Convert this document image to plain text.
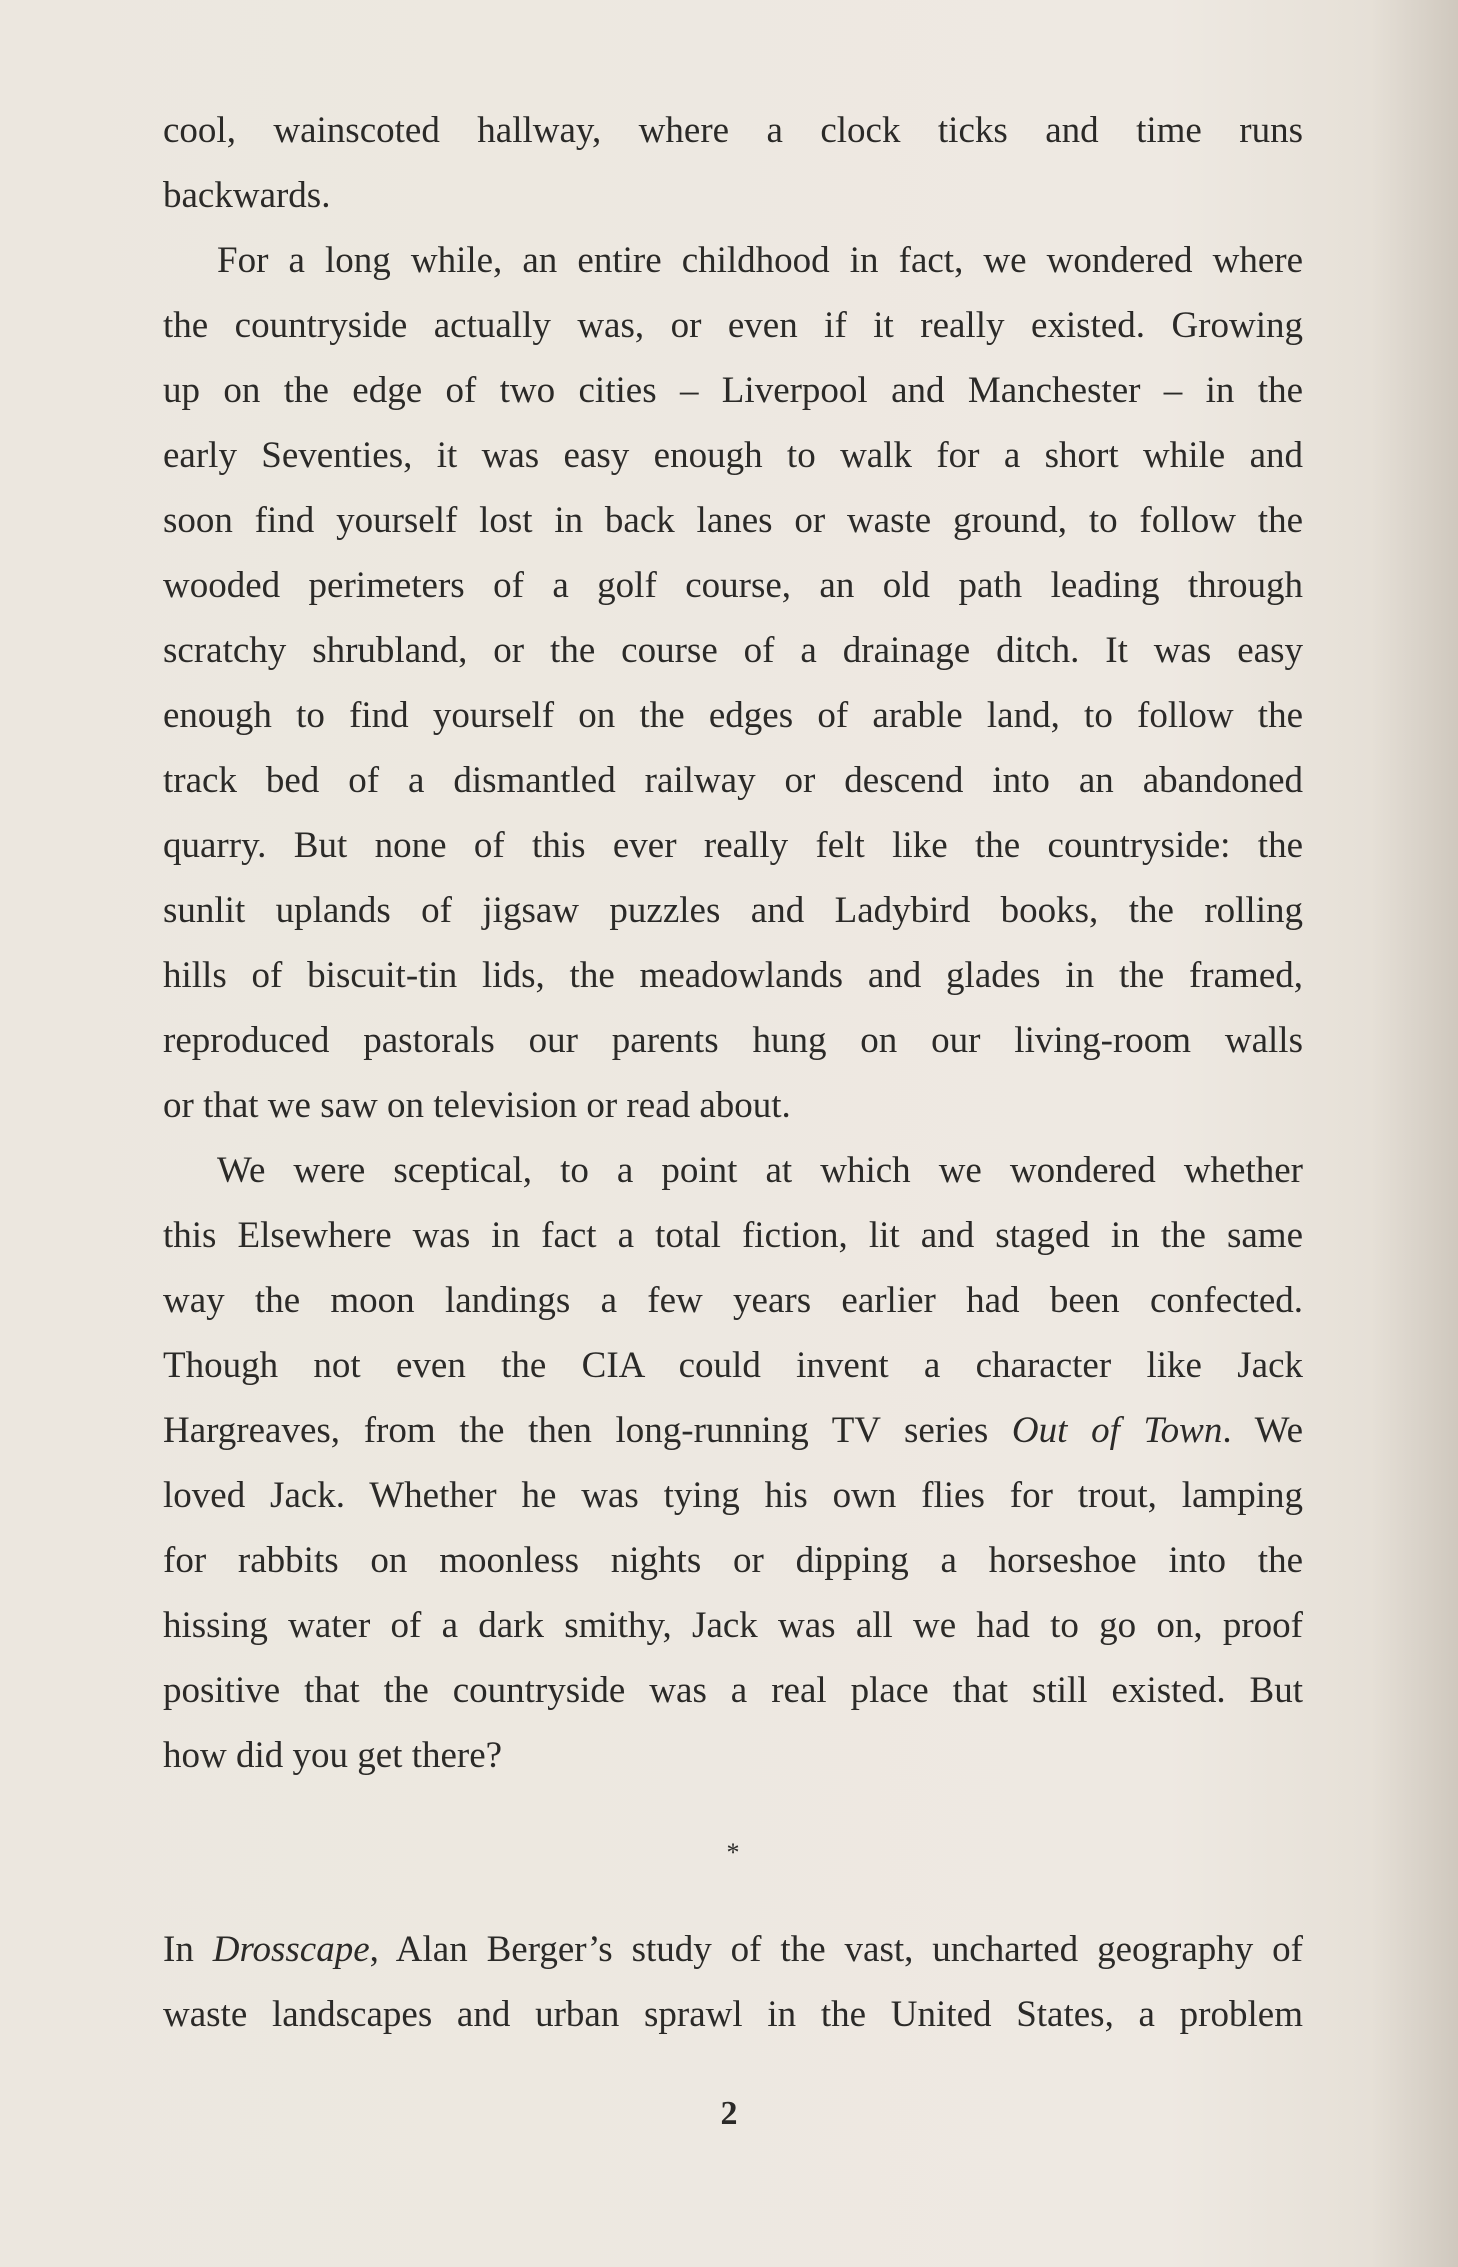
cool, wainscoted hallway, where a clock ticks and time runs
backwards.
For a long while, an entire childhood in fact, we wondered where
the countryside actually was, or even if it really existed. Growing
up on the edge of two cities – Liverpool and Manchester – in the
early Seventies, it was easy enough to walk for a short while and
soon find yourself lost in back lanes or waste ground, to follow the
wooded perimeters of a golf course, an old path leading through
scratchy shrubland, or the course of a drainage ditch. It was easy
enough to find yourself on the edges of arable land, to follow the
track bed of a dismantled railway or descend into an abandoned
quarry. But none of this ever really felt like the countryside: the
sunlit uplands of jigsaw puzzles and Ladybird books, the rolling
hills of biscuit-tin lids, the meadowlands and glades in the framed,
reproduced pastorals our parents hung on our living-room walls
or that we saw on television or read about.
We were sceptical, to a point at which we wondered whether
this Elsewhere was in fact a total fiction, lit and staged in the same
way the moon landings a few years earlier had been confected.
Though not even the CIA could invent a character like Jack
Hargreaves, from the then long-running TV series Out of Town. We
loved Jack. Whether he was tying his own flies for trout, lamping
for rabbits on moonless nights or dipping a horseshoe into the
hissing water of a dark smithy, Jack was all we had to go on, proof
positive that the countryside was a real place that still existed. But
how did you get there?
*
In Drosscape, Alan Berger’s study of the vast, uncharted geography of
waste landscapes and urban sprawl in the United States, a problem
2
